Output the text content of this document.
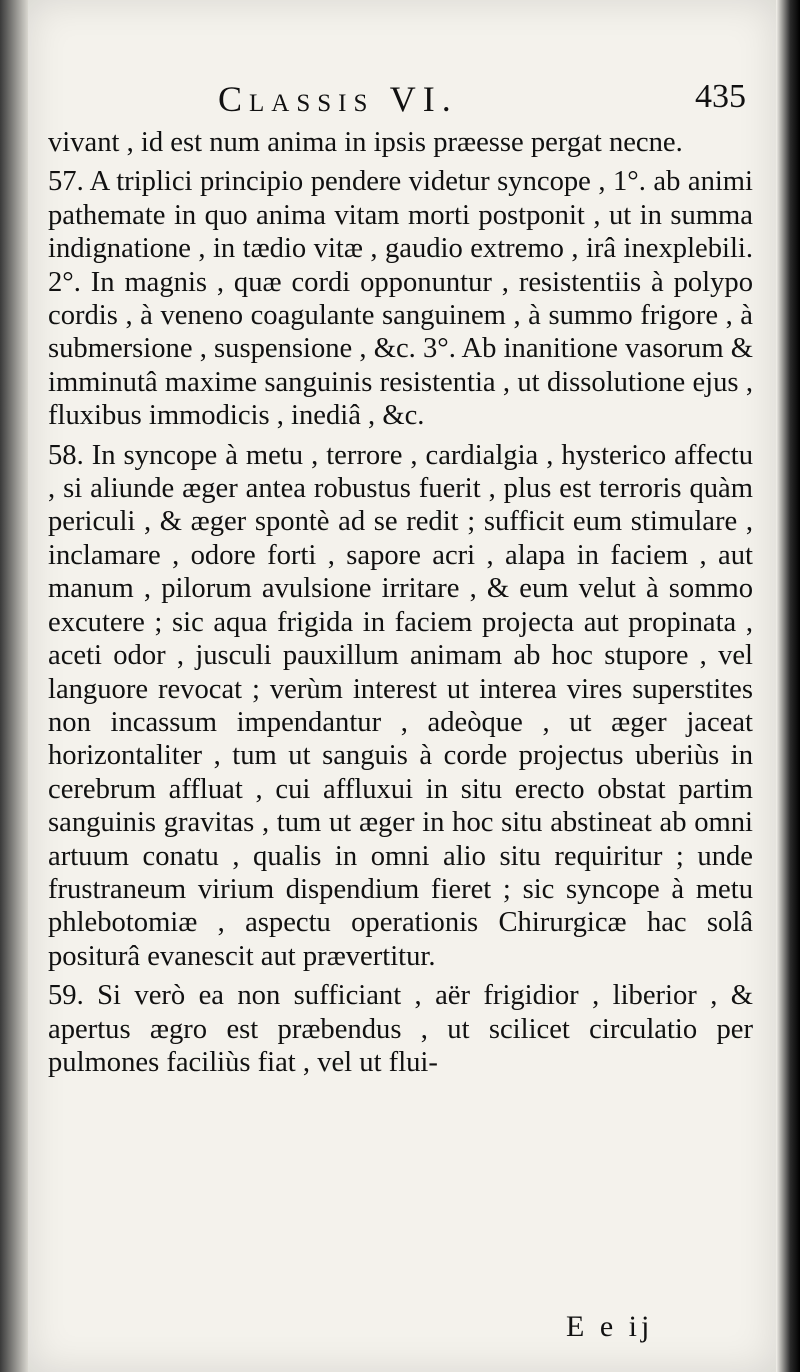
Classis VI.	435

vivant , id est num anima in ipsis præesse pergat necne.

57. A triplici principio pendere videtur syncope , 1°. ab animi pathemate in quo anima vitam morti postponit , ut in summa indignatione , in tædio vitæ , gaudio extremo , irâ inexplebili. 2°. In magnis , quæ cordi opponuntur , resistentiis à polypo cordis , à veneno coagulante sanguinem , à summo frigore , à submersione , suspensione , &c. 3°. Ab inanitione vasorum & imminutâ maxime sanguinis resistentia , ut dissolutione ejus , fluxibus immodicis , inediâ , &c.

58. In syncope à metu , terrore , cardialgia , hysterico affectu , si aliunde æger antea robustus fuerit , plus est terroris quàm periculi , & æger spontè ad se redit ; sufficit eum stimulare , inclamare , odore forti , sapore acri , alapa in faciem , aut manum , pilorum avulsione irritare , & eum velut à sommo excutere ; sic aqua frigida in faciem projecta aut propinata , aceti odor , jusculi pauxillum animam ab hoc stupore , vel languore revocat ; verùm interest ut interea vires superstites non incassum impendantur , adeòque , ut æger jaceat horizontaliter , tum ut sanguis à corde projectus uberiùs in cerebrum affluat , cui affluxui in situ erecto obstat partim sanguinis gravitas , tum ut æger in hoc situ abstineat ab omni artuum conatu , qualis in omni alio situ requiritur ; unde frustraneum virium dispendium fieret ; sic syncope à metu phlebotomiæ , aspectu operationis Chirurgicæ hac solâ positurâ evanescit aut prævertitur.

59. Si verò ea non sufficiant , aër frigidior , liberior , & apertus ægro est præbendus , ut scilicet circulatio per pulmones faciliùs fiat , vel ut flui-

E e ij
